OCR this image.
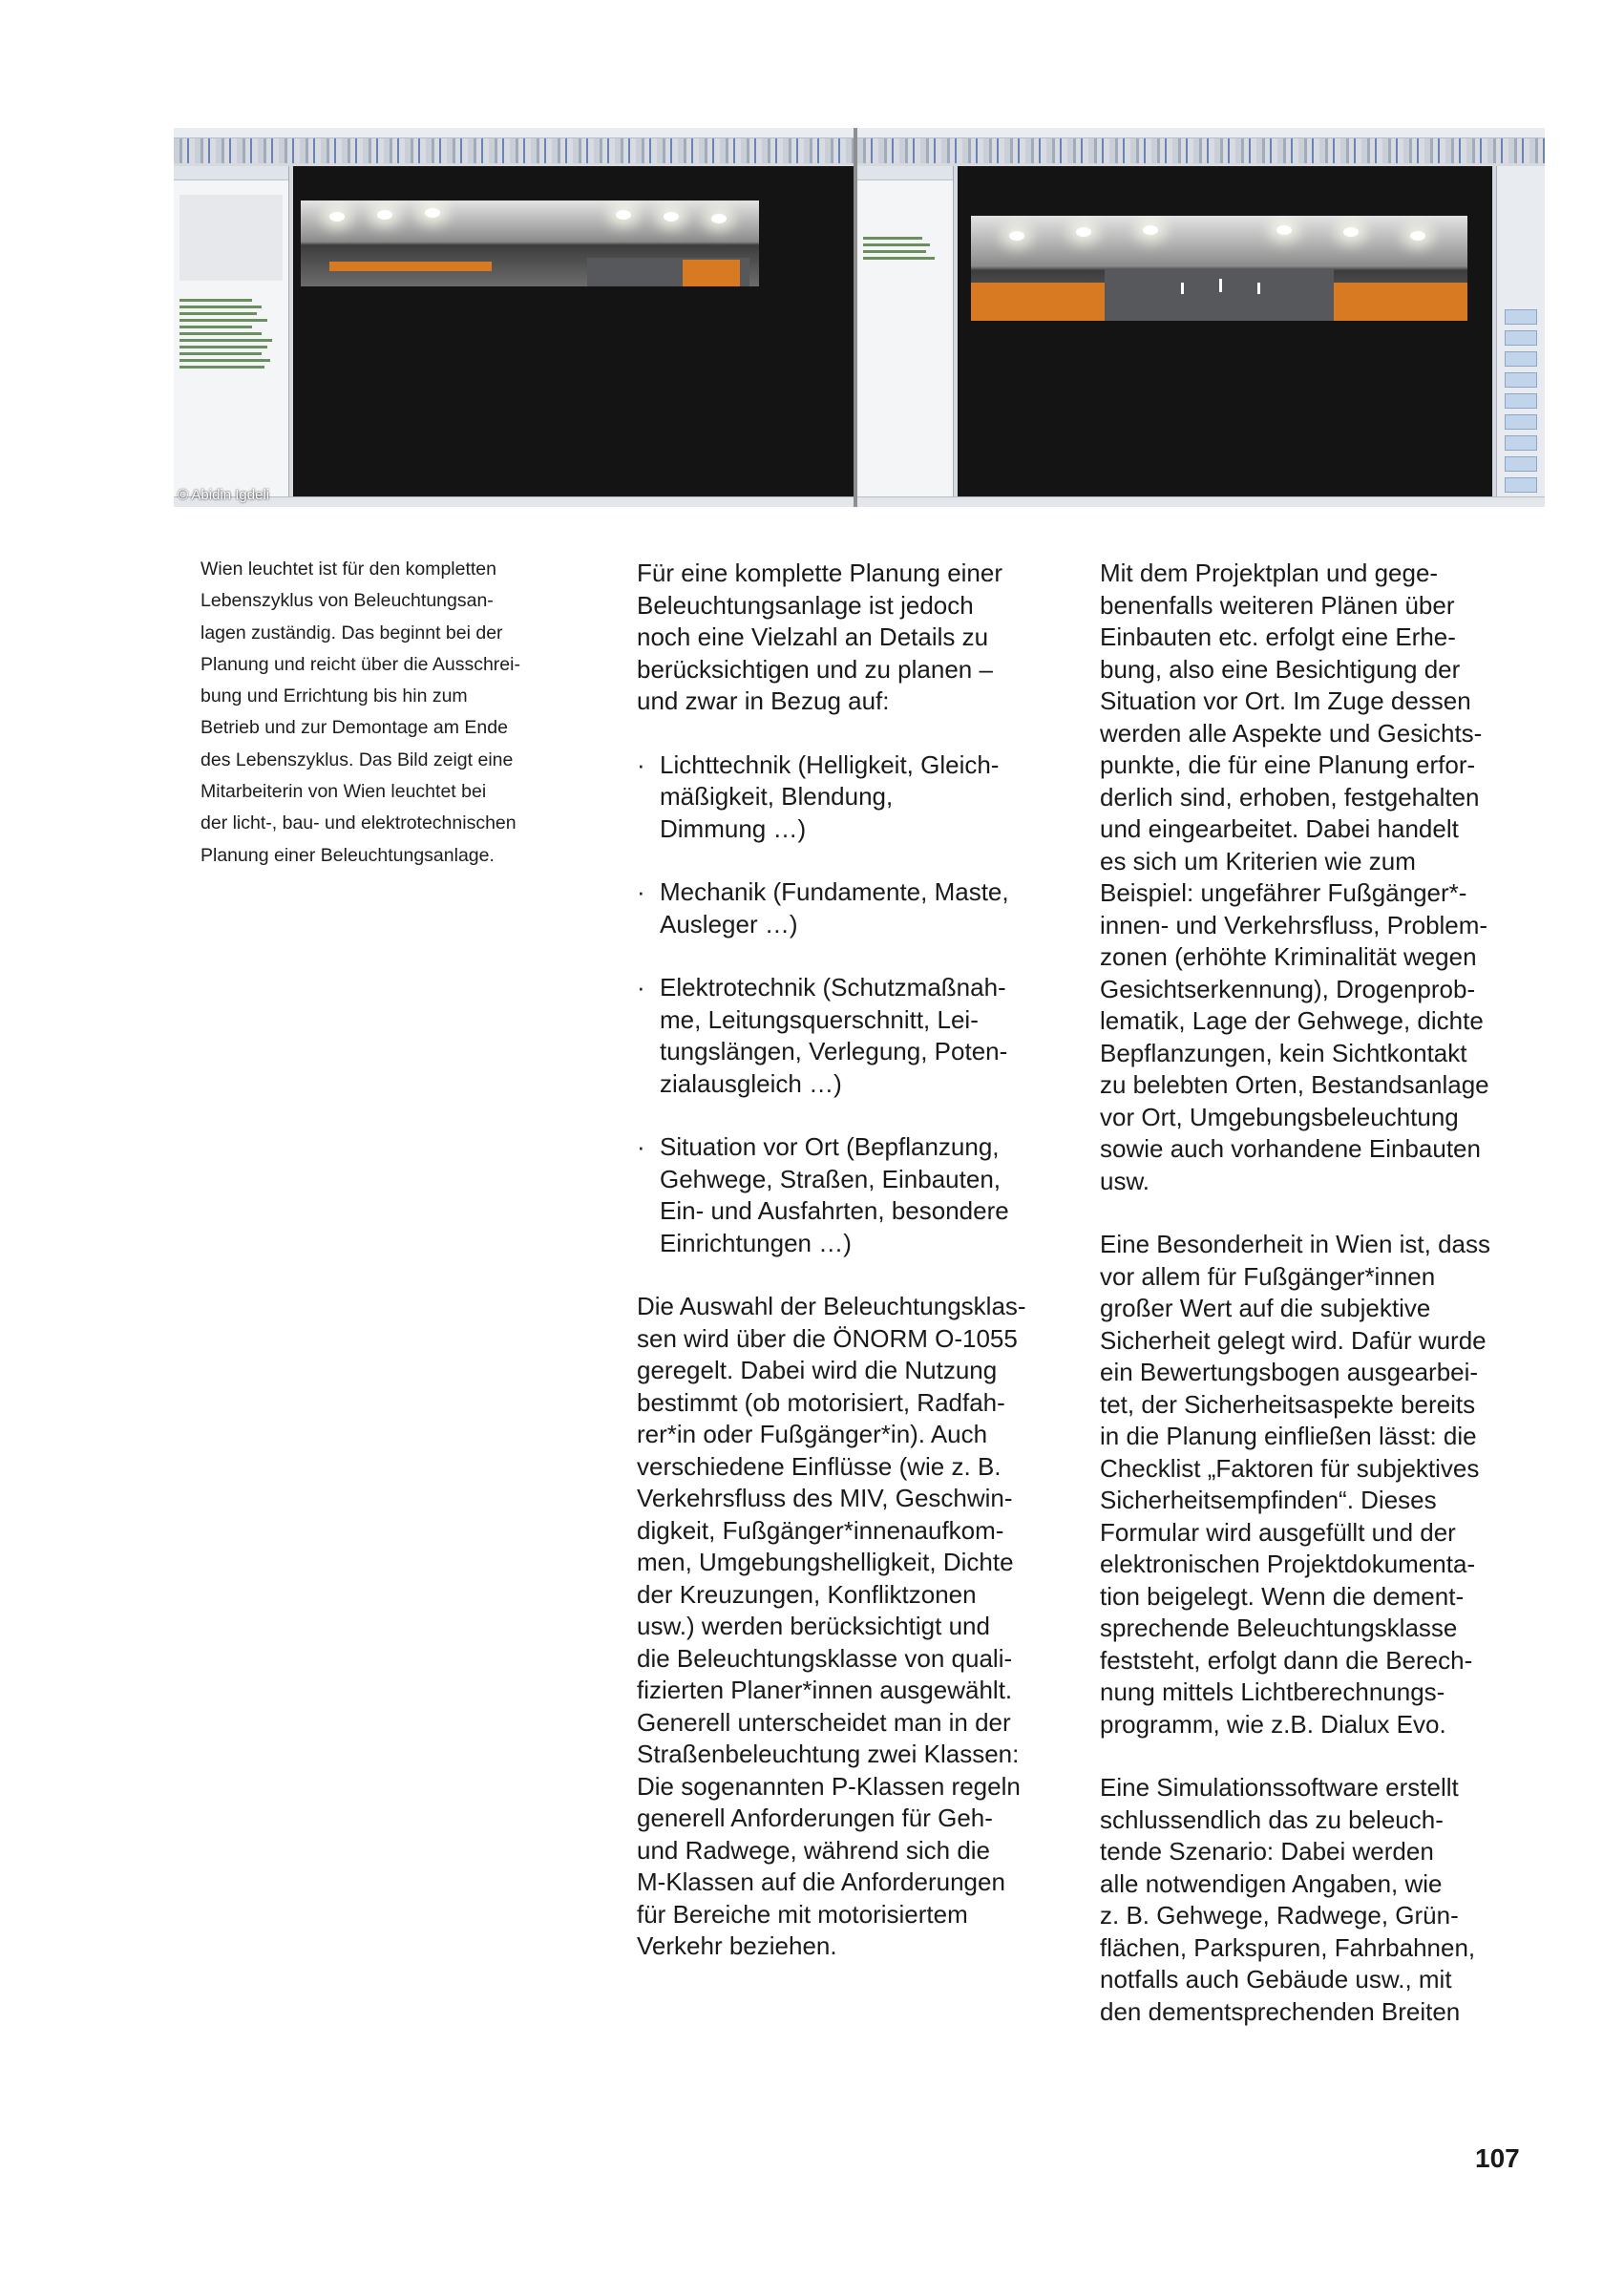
© Abidin Igdeli
Wien leuchtet ist für den kompletten
Lebenszyklus von Beleuchtungsan-
lagen zuständig. Das beginnt bei der
Planung und reicht über die Ausschrei-
bung und Errichtung bis hin zum
Betrieb und zur Demontage am Ende
des Lebenszyklus. Das Bild zeigt eine
Mitarbeiterin von Wien leuchtet bei
der licht-, bau- und elektrotechnischen
Planung einer Beleuchtungsanlage.
Für eine komplette Planung einer
Beleuchtungsanlage ist jedoch
noch eine Vielzahl an Details zu
berücksichtigen und zu planen –
und zwar in Bezug auf:
· Lichttechnik (Helligkeit, Gleich-
mäßigkeit, Blendung,
Dimmung …)
· Mechanik (Fundamente, Maste,
Ausleger …)
· Elektrotechnik (Schutzmaßnah-
me, Leitungsquerschnitt, Lei-
tungslängen, Verlegung, Poten-
zialausgleich …)
· Situation vor Ort (Bepflanzung,
Gehwege, Straßen, Einbauten,
Ein- und Ausfahrten, besondere
Einrichtungen …)
Die Auswahl der Beleuchtungsklas-
sen wird über die ÖNORM O-1055
geregelt. Dabei wird die Nutzung
bestimmt (ob motorisiert, Radfah-
rer*in oder Fußgänger*in). Auch
verschiedene Einflüsse (wie z. B.
Verkehrsfluss des MIV, Geschwin-
digkeit, Fußgänger*innenaufkom-
men, Umgebungshelligkeit, Dichte
der Kreuzungen, Konfliktzonen
usw.) werden berücksichtigt und
die Beleuchtungsklasse von quali-
fizierten Planer*innen ausgewählt.
Generell unterscheidet man in der
Straßenbeleuchtung zwei Klassen:
Die sogenannten P-Klassen regeln
generell Anforderungen für Geh-
und Radwege, während sich die
M-Klassen auf die Anforderungen
für Bereiche mit motorisiertem
Verkehr beziehen.
Mit dem Projektplan und gege-
benenfalls weiteren Plänen über
Einbauten etc. erfolgt eine Erhe-
bung, also eine Besichtigung der
Situation vor Ort. Im Zuge dessen
werden alle Aspekte und Gesichts-
punkte, die für eine Planung erfor-
derlich sind, erhoben, festgehalten
und eingearbeitet. Dabei handelt
es sich um Kriterien wie zum
Beispiel: ungefährer Fußgänger*-
innen- und Verkehrsfluss, Problem-
zonen (erhöhte Kriminalität wegen
Gesichtserkennung), Drogenprob-
lematik, Lage der Gehwege, dichte
Bepflanzungen, kein Sichtkontakt
zu belebten Orten, Bestandsanlage
vor Ort, Umgebungsbeleuchtung
sowie auch vorhandene Einbauten
usw.
Eine Besonderheit in Wien ist, dass
vor allem für Fußgänger*innen
großer Wert auf die subjektive
Sicherheit gelegt wird. Dafür wurde
ein Bewertungsbogen ausgearbei-
tet, der Sicherheitsaspekte bereits
in die Planung einfließen lässt: die
Checklist „Faktoren für subjektives
Sicherheitsempfinden“. Dieses
Formular wird ausgefüllt und der
elektronischen Projektdokumenta-
tion beigelegt. Wenn die dement-
sprechende Beleuchtungsklasse
feststeht, erfolgt dann die Berech-
nung mittels Lichtberechnungs-
programm, wie z.B. Dialux Evo.
Eine Simulationssoftware erstellt
schlussendlich das zu beleuch-
tende Szenario: Dabei werden
alle notwendigen Angaben, wie
z. B. Gehwege, Radwege, Grün-
flächen, Parkspuren, Fahrbahnen,
notfalls auch Gebäude usw., mit
den dementsprechenden Breiten
107
